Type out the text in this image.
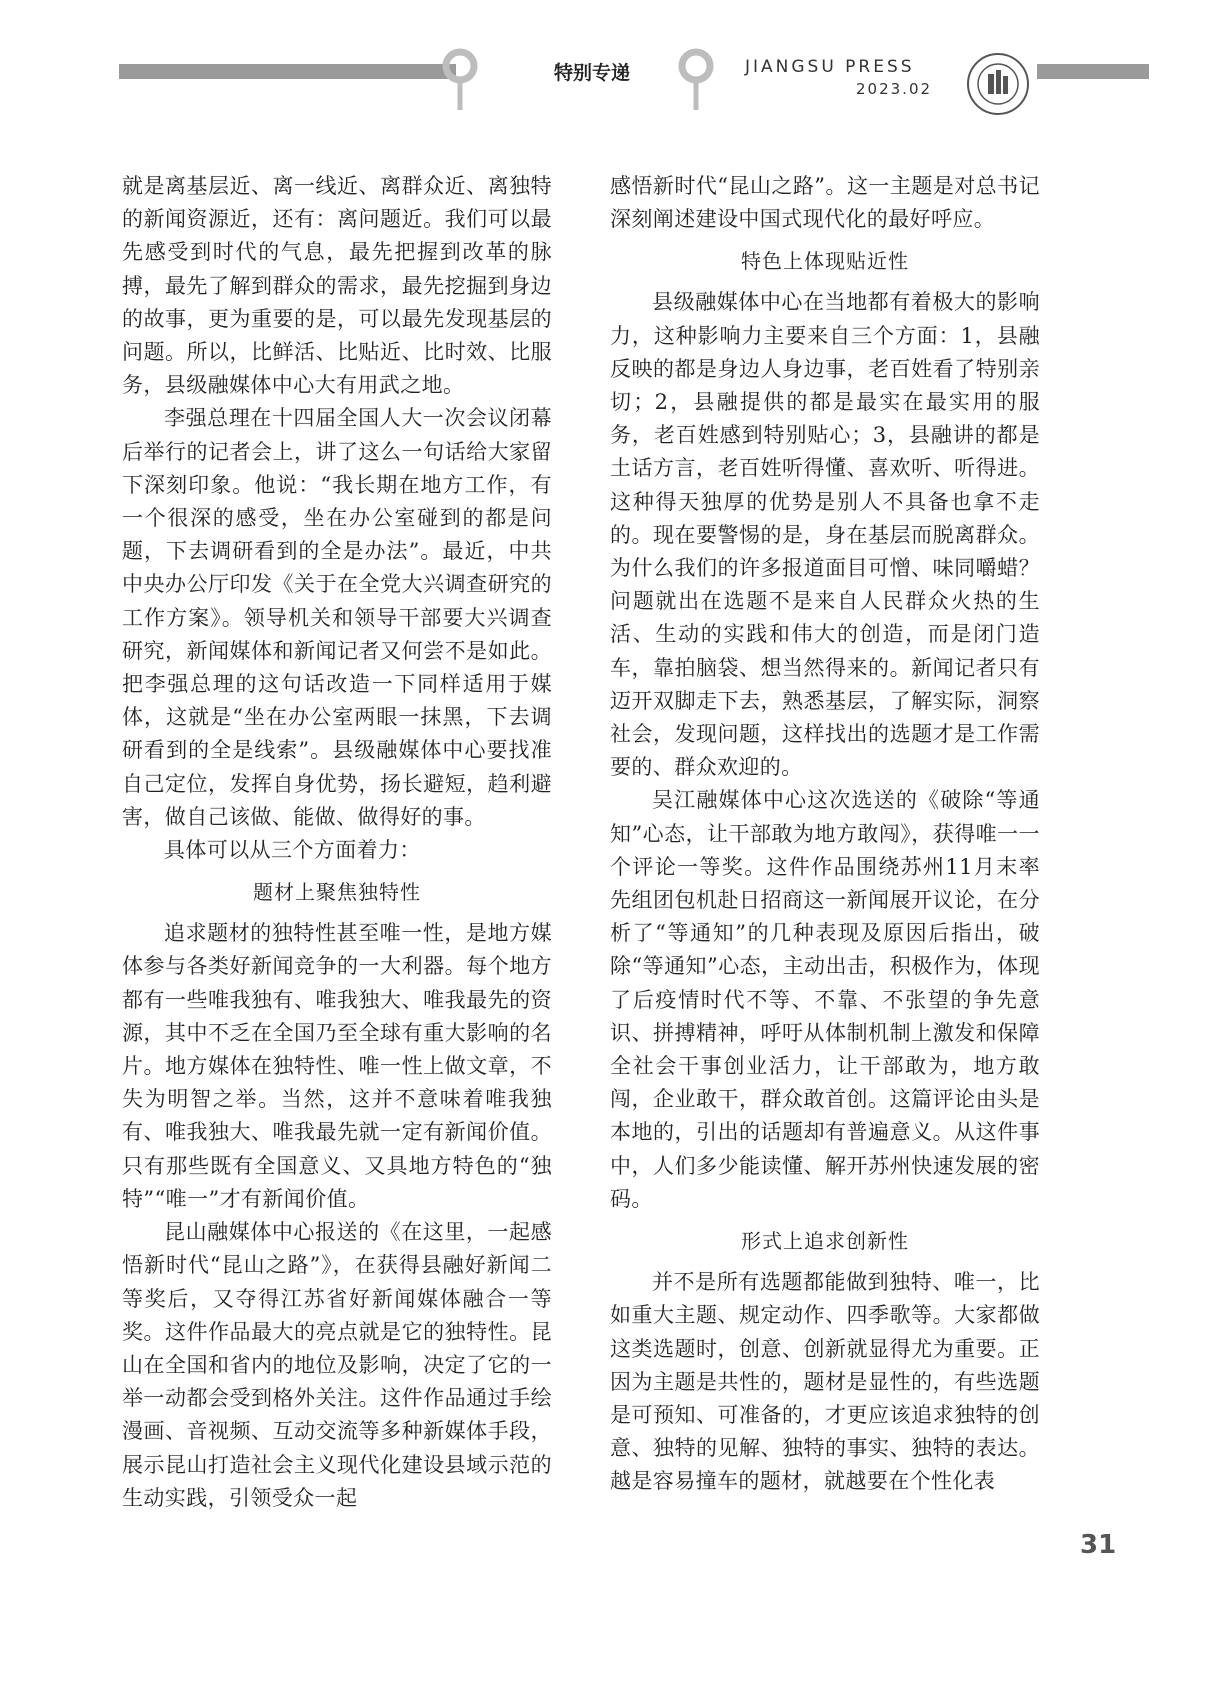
特别专递	JIANGSU PRESS
2023.02

就是离基层近、离一线近、离群众近、离独特的新闻资源近，还有：离问题近。我们可以最先感受到时代的气息，最先把握到改革的脉搏，最先了解到群众的需求，最先挖掘到身边的故事，更为重要的是，可以最先发现基层的问题。所以，比鲜活、比贴近、比时效、比服务，县级融媒体中心大有用武之地。

李强总理在十四届全国人大一次会议闭幕后举行的记者会上，讲了这么一句话给大家留下深刻印象。他说：“我长期在地方工作，有一个很深的感受，坐在办公室碰到的都是问题，下去调研看到的全是办法”。最近，中共中央办公厅印发《关于在全党大兴调查研究的工作方案》。领导机关和领导干部要大兴调查研究，新闻媒体和新闻记者又何尝不是如此。把李强总理的这句话改造一下同样适用于媒体，这就是“坐在办公室两眼一抹黑，下去调研看到的全是线索”。县级融媒体中心要找准自己定位，发挥自身优势，扬长避短，趋利避害，做自己该做、能做、做得好的事。

具体可以从三个方面着力：

题材上聚焦独特性

追求题材的独特性甚至唯一性，是地方媒体参与各类好新闻竞争的一大利器。每个地方都有一些唯我独有、唯我独大、唯我最先的资源，其中不乏在全国乃至全球有重大影响的名片。地方媒体在独特性、唯一性上做文章，不失为明智之举。当然，这并不意味着唯我独有、唯我独大、唯我最先就一定有新闻价值。只有那些既有全国意义、又具地方特色的“独特”“唯一”才有新闻价值。

昆山融媒体中心报送的《在这里，一起感悟新时代“昆山之路”》，在获得县融好新闻二等奖后，又夺得江苏省好新闻媒体融合一等奖。这件作品最大的亮点就是它的独特性。昆山在全国和省内的地位及影响，决定了它的一举一动都会受到格外关注。这件作品通过手绘漫画、音视频、互动交流等多种新媒体手段，展示昆山打造社会主义现代化建设县域示范的生动实践，引领受众一起

感悟新时代“昆山之路”。这一主题是对总书记深刻阐述建设中国式现代化的最好呼应。

特色上体现贴近性

县级融媒体中心在当地都有着极大的影响力，这种影响力主要来自三个方面：1，县融反映的都是身边人身边事，老百姓看了特别亲切；2，县融提供的都是最实在最实用的服务，老百姓感到特别贴心；3，县融讲的都是土话方言，老百姓听得懂、喜欢听、听得进。这种得天独厚的优势是别人不具备也拿不走的。现在要警惕的是，身在基层而脱离群众。为什么我们的许多报道面目可憎、味同嚼蜡？问题就出在选题不是来自人民群众火热的生活、生动的实践和伟大的创造，而是闭门造车，靠拍脑袋、想当然得来的。新闻记者只有迈开双脚走下去，熟悉基层，了解实际，洞察社会，发现问题，这样找出的选题才是工作需要的、群众欢迎的。

吴江融媒体中心这次选送的《破除“等通知”心态，让干部敢为地方敢闯》，获得唯一一个评论一等奖。这件作品围绕苏州11月末率先组团包机赴日招商这一新闻展开议论，在分析了“等通知”的几种表现及原因后指出，破除“等通知”心态，主动出击，积极作为，体现了后疫情时代不等、不靠、不张望的争先意识、拼搏精神，呼吁从体制机制上激发和保障全社会干事创业活力，让干部敢为，地方敢闯，企业敢干，群众敢首创。这篇评论由头是本地的，引出的话题却有普遍意义。从这件事中，人们多少能读懂、解开苏州快速发展的密码。

形式上追求创新性

并不是所有选题都能做到独特、唯一，比如重大主题、规定动作、四季歌等。大家都做这类选题时，创意、创新就显得尤为重要。正因为主题是共性的，题材是显性的，有些选题是可预知、可准备的，才更应该追求独特的创意、独特的见解、独特的事实、独特的表达。越是容易撞车的题材，就越要在个性化表

31
